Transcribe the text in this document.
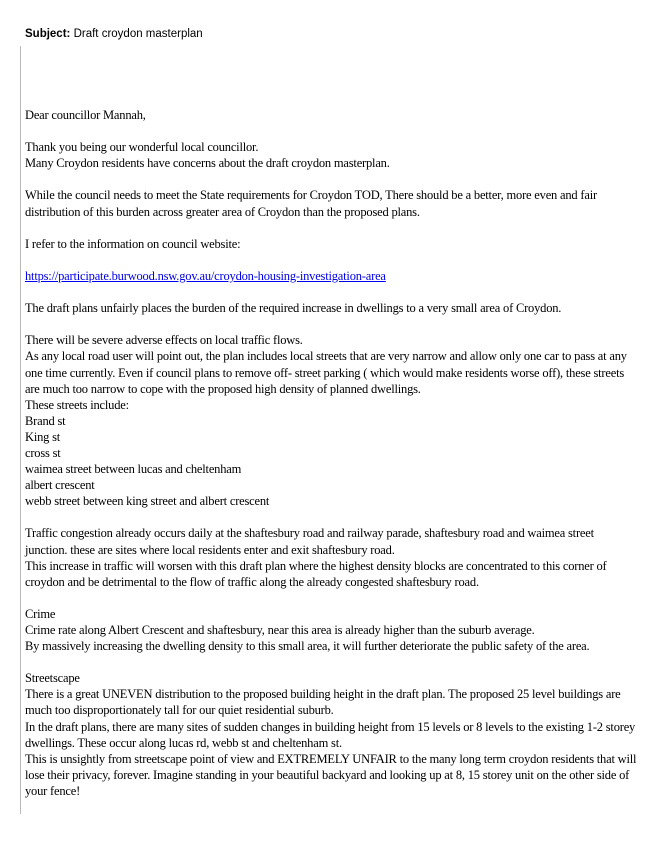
Subject: Draft croydon masterplan
Dear councillor Mannah,
Thank you being our wonderful local councillor.
Many Croydon residents have concerns about the draft croydon masterplan.
While the council needs to meet the State requirements for Croydon TOD, There should be a better, more even and fair distribution of this burden across greater area of Croydon than the proposed plans.
I refer to the information on council website:
https://participate.burwood.nsw.gov.au/croydon-housing-investigation-area
The draft plans unfairly places the burden of the required increase in dwellings to a very small area of Croydon.
There will be severe adverse effects on local traffic flows.
As any local road user will point out, the plan includes local streets that are very narrow and allow only one car to pass at any one time currently. Even if council plans to remove off- street parking ( which would make residents worse off), these streets are much too narrow to cope with the proposed high density of planned dwellings.
These streets include:
Brand st
King st
cross st
waimea street between lucas and cheltenham
albert crescent
webb street between king street and albert crescent
Traffic congestion already occurs daily at the shaftesbury road and railway parade, shaftesbury road and waimea street junction. these are sites where local residents enter and exit shaftesbury road.
This increase in traffic will worsen with this draft plan where the highest density blocks are concentrated to this corner of croydon and be detrimental to the flow of traffic along the already congested shaftesbury road.
Crime
Crime rate along Albert Crescent and shaftesbury, near this area is already higher than the suburb average.
By massively increasing the dwelling density to this small area, it will further deteriorate the public safety of the area.
Streetscape
There is a great UNEVEN distribution to the proposed building height in the draft plan. The proposed 25 level buildings are much too disproportionately tall for our quiet residential suburb.
In the draft plans, there are many sites of sudden changes in building height from 15 levels or 8 levels to the existing 1-2 storey dwellings. These occur along lucas rd, webb st and cheltenham st.
This is unsightly from streetscape point of view and EXTREMELY UNFAIR to the many long term croydon residents that will lose their privacy, forever. Imagine standing in your beautiful backyard and looking up at 8, 15 storey unit on the other side of your fence!
